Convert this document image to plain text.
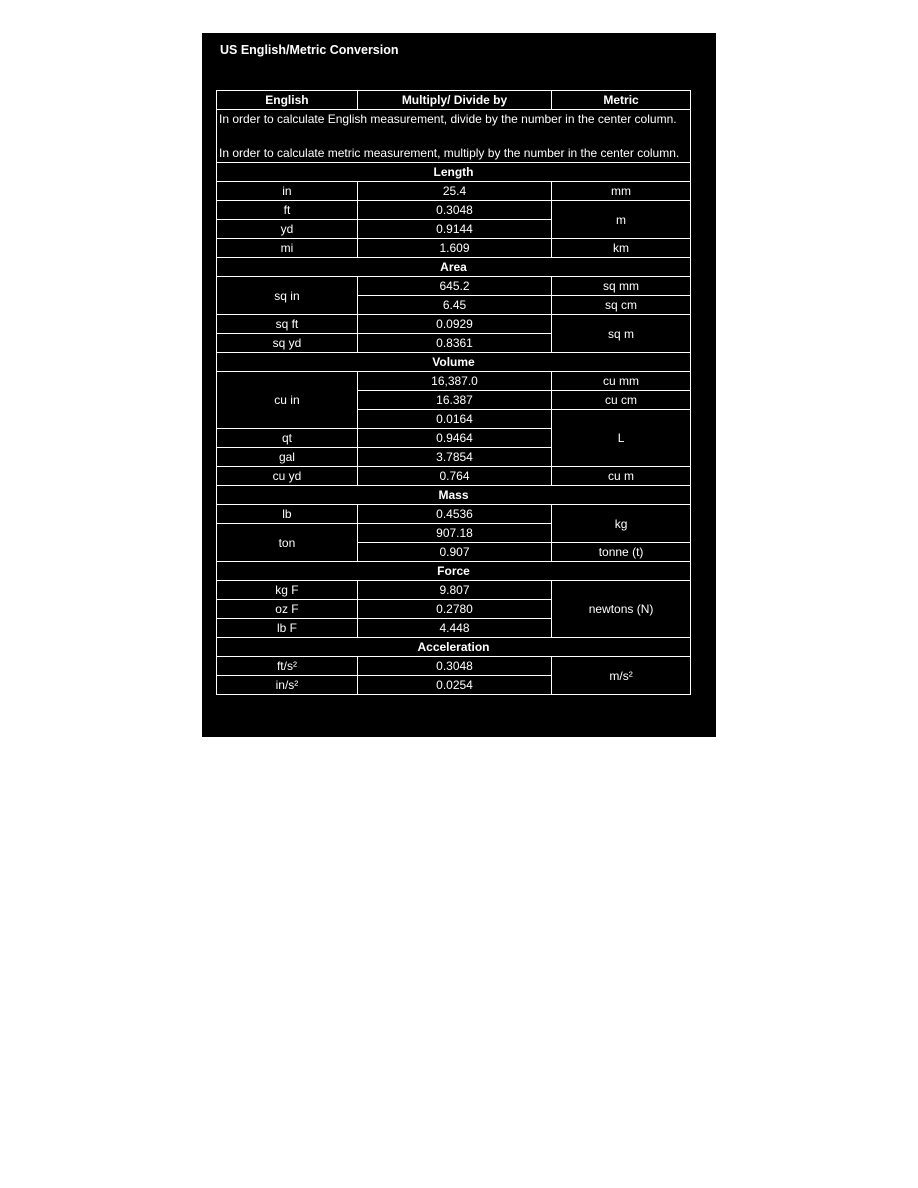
US English/Metric Conversion
English	Multiply/ Divide by	Metric

In order to calculate English measurement, divide by the number in the center column.
In order to calculate metric measurement, multiply by the number in the center column.		

Length		
in	25.4	mm
ft	0.3048	m
yd	0.9144	
mi	1.609	km
Area		
sq in	645.2	sq mm
	6.45	sq cm
sq ft	0.0929	sq m
sq yd	0.8361	
Volume		
cu in	16,387.0	cu mm
	16.387	cu cm
	0.0164	L
qt	0.9464	
gal	3.7854	
cu yd	0.764	cu m
Mass		
lb	0.4536	kg
ton	907.18	
	0.907	tonne (t)
Force		
kg F	9.807	newtons (N)
oz F	0.2780	
lb F	4.448	
Acceleration		
ft/s²	0.3048	m/s²
in/s²	0.0254	
